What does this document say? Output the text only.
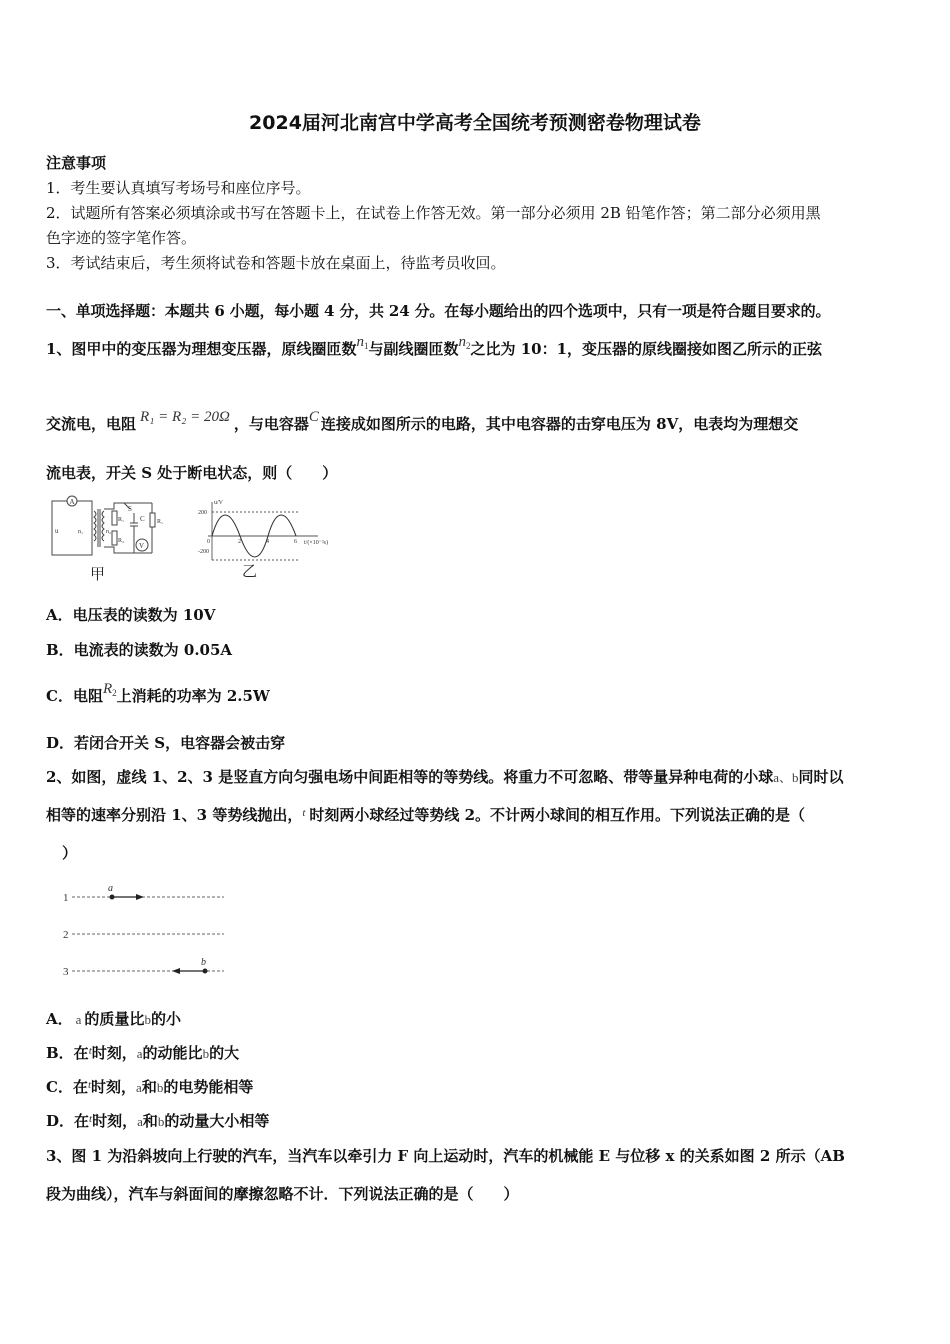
2024届河北南宫中学高考全国统考预测密卷物理试卷
注意事项
1．考生要认真填写考场号和座位序号。
2．试题所有答案必须填涂或书写在答题卡上，在试卷上作答无效。第一部分必须用 2B 铅笔作答；第二部分必须用黑
色字迹的签字笔作答。
3．考试结束后，考生须将试卷和答题卡放在桌面上，待监考员收回。
一、单项选择题：本题共 6 小题，每小题 4 分，共 24 分。在每小题给出的四个选项中，只有一项是符合题目要求的。
1、图甲中的变压器为理想变压器，原线圈匝数$n_1$与副线圈匝数$n_2$之比为 10：1，变压器的原线圈接如图乙所示的正弦
交流电，电阻 R₁ = R₂ = 20Ω ，与电容器C 连接成如图所示的电路，其中电容器的击穿电压为 8V，电表均为理想交
流电表，开关 S 处于断电状态，则（　　）
A
u	n₁	n₂
S
R₁ C R₁
R₂
V
甲
u/V
200
-200
0	2	4	6 t/(×10⁻²s)
乙
A．电压表的读数为 10V
B．电流表的读数为 0.05A
C．电阻$R_2$上消耗的功率为 2.5W
D．若闭合开关 S，电容器会被击穿
2、如图，虚线 1、2、3 是竖直方向匀强电场中间距相等的等势线。将重力不可忽略、带等量异种电荷的小球a、b同时以
相等的速率分别沿 1、3 等势线抛出，$^t$ 时刻两小球经过等势线 2。不计两小球间的相互作用。下列说法正确的是（
）
1
2
3
a
b
A． a 的质量比b的小
B．在$^t$时刻，a的动能比b的大
C．在$^t$时刻，a和b的电势能相等
D．在$^t$时刻，a和b的动量大小相等
3、图 1 为沿斜坡向上行驶的汽车，当汽车以牵引力 F 向上运动时，汽车的机械能 E 与位移 x 的关系如图 2 所示（AB
段为曲线），汽车与斜面间的摩擦忽略不计．下列说法正确的是（　　）
